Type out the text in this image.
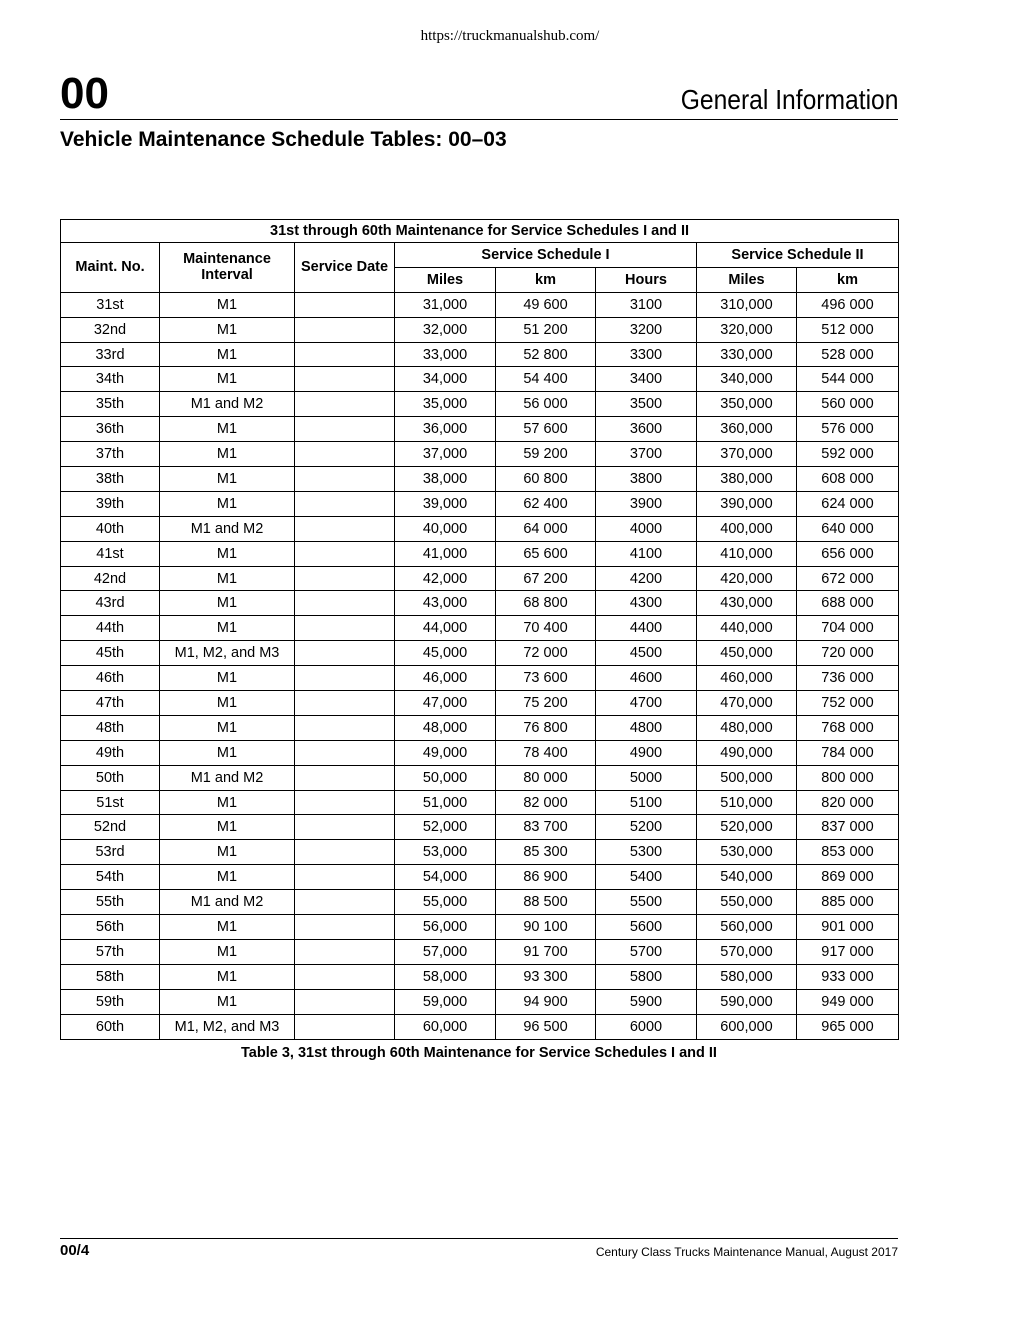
https://truckmanualshub.com/
00	General Information
Vehicle Maintenance Schedule Tables: 00–03
31st through 60th Maintenance for Service Schedules I and II							
Maint. No.	Maintenance Interval	Service Date	Service Schedule I			Service Schedule II	
			Miles	km	Hours	Miles	km
31st	M1		31,000	49 600	3100	310,000	496 000
32nd	M1		32,000	51 200	3200	320,000	512 000
33rd	M1		33,000	52 800	3300	330,000	528 000
34th	M1		34,000	54 400	3400	340,000	544 000
35th	M1 and M2		35,000	56 000	3500	350,000	560 000
36th	M1		36,000	57 600	3600	360,000	576 000
37th	M1		37,000	59 200	3700	370,000	592 000
38th	M1		38,000	60 800	3800	380,000	608 000
39th	M1		39,000	62 400	3900	390,000	624 000
40th	M1 and M2		40,000	64 000	4000	400,000	640 000
41st	M1		41,000	65 600	4100	410,000	656 000
42nd	M1		42,000	67 200	4200	420,000	672 000
43rd	M1		43,000	68 800	4300	430,000	688 000
44th	M1		44,000	70 400	4400	440,000	704 000
45th	M1, M2, and M3		45,000	72 000	4500	450,000	720 000
46th	M1		46,000	73 600	4600	460,000	736 000
47th	M1		47,000	75 200	4700	470,000	752 000
48th	M1		48,000	76 800	4800	480,000	768 000
49th	M1		49,000	78 400	4900	490,000	784 000
50th	M1 and M2		50,000	80 000	5000	500,000	800 000
51st	M1		51,000	82 000	5100	510,000	820 000
52nd	M1		52,000	83 700	5200	520,000	837 000
53rd	M1		53,000	85 300	5300	530,000	853 000
54th	M1		54,000	86 900	5400	540,000	869 000
55th	M1 and M2		55,000	88 500	5500	550,000	885 000
56th	M1		56,000	90 100	5600	560,000	901 000
57th	M1		57,000	91 700	5700	570,000	917 000
58th	M1		58,000	93 300	5800	580,000	933 000
59th	M1		59,000	94 900	5900	590,000	949 000
60th	M1, M2, and M3		60,000	96 500	6000	600,000	965 000
Table 3, 31st through 60th Maintenance for Service Schedules I and II
00/4	Century Class Trucks Maintenance Manual, August 2017
